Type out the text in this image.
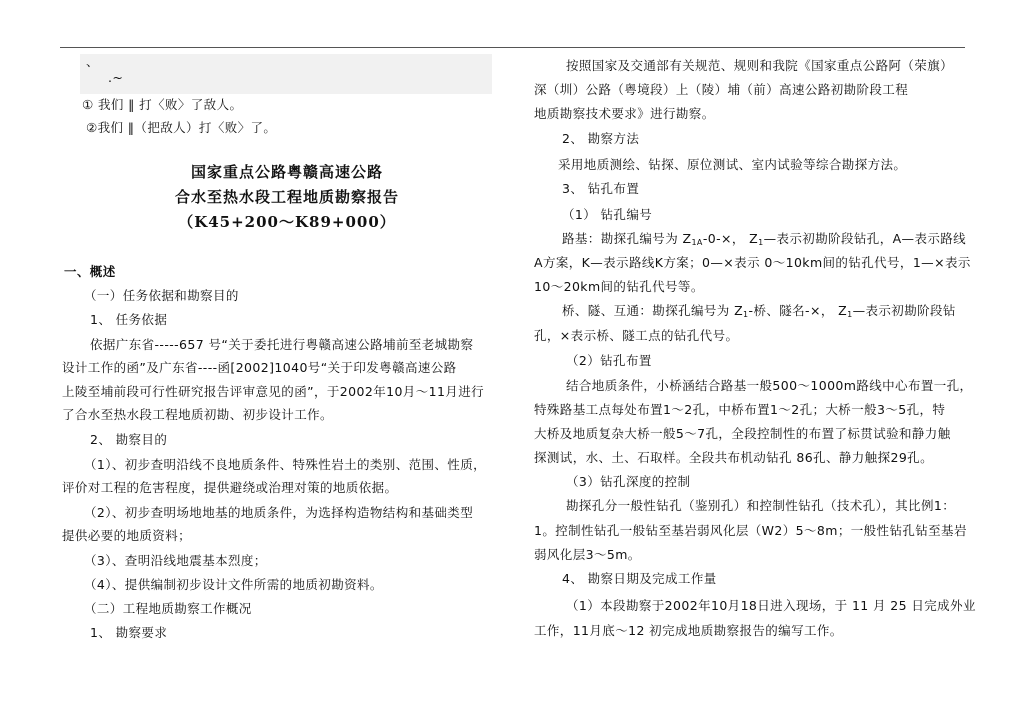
、

.~

① 我们 ‖ 打〈败〉了敌人。

②我们 ‖（把敌人）打〈败〉了。

国家重点公路粤赣高速公路

合水至热水段工程地质勘察报告

（K45+200～K89+000）

一、概述

（一）任务依据和勘察目的

1、 任务依据

依据广东省-----657 号“关于委托进行粤赣高速公路埔前至老城勘察

设计工作的函”及广东省----函[2002]1040号“关于印发粤赣高速公路

上陵至埔前段可行性研究报告评审意见的函”，于2002年10月～11月进行

了合水至热水段工程地质初勘、初步设计工作。

2、 勘察目的

（1）、初步查明沿线不良地质条件、特殊性岩土的类别、范围、性质，

评价对工程的危害程度，提供避绕或治理对策的地质依据。

（2）、初步查明场地地基的地质条件，为选择构造物结构和基础类型

提供必要的地质资料；

（3）、查明沿线地震基本烈度；

（4）、提供编制初步设计文件所需的地质初勘资料。

（二）工程地质勘察工作概况

1、 勘察要求

按照国家及交通部有关规范、规则和我院《国家重点公路阿（荣旗）

深（圳）公路（粤境段）上（陵）埔（前）高速公路初勘阶段工程

地质勘察技术要求》进行勘察。

2、 勘察方法

采用地质测绘、钻探、原位测试、室内试验等综合勘探方法。

3、 钻孔布置

（1） 钻孔编号

路基：勘探孔编号为 $Z_{1A}-0-\times$， $Z_1—$表示初勘阶段钻孔，A—表示路线

A方案，K—表示路线K方案；0—×表示 0～10km间的钻孔代号，1—×表示

10～20km间的钻孔代号等。

桥、隧、互通：勘探孔编号为 $Z_1-$桥、隧名-×， $Z_1—$表示初勘阶段钻

孔，×表示桥、隧工点的钻孔代号。

（2）钻孔布置

结合地质条件，小桥涵结合路基一般500～1000m路线中心布置一孔，

特殊路基工点每处布置1～2孔，中桥布置1～2孔；大桥一般3～5孔，特

大桥及地质复杂大桥一般5～7孔，全段控制性的布置了标贯试验和静力触

探测试，水、土、石取样。全段共布机动钻孔 86孔、静力触探29孔。

（3）钻孔深度的控制

勘探孔分一般性钻孔（鉴别孔）和控制性钻孔（技术孔），其比例1：

1。控制性钻孔一般钻至基岩弱风化层（W2）5～8m；一般性钻孔钻至基岩

弱风化层3～5m。

4、 勘察日期及完成工作量

（1）本段勘察于2002年10月18日进入现场，于 11 月 25 日完成外业

工作，11月底～12 初完成地质勘察报告的编写工作。
